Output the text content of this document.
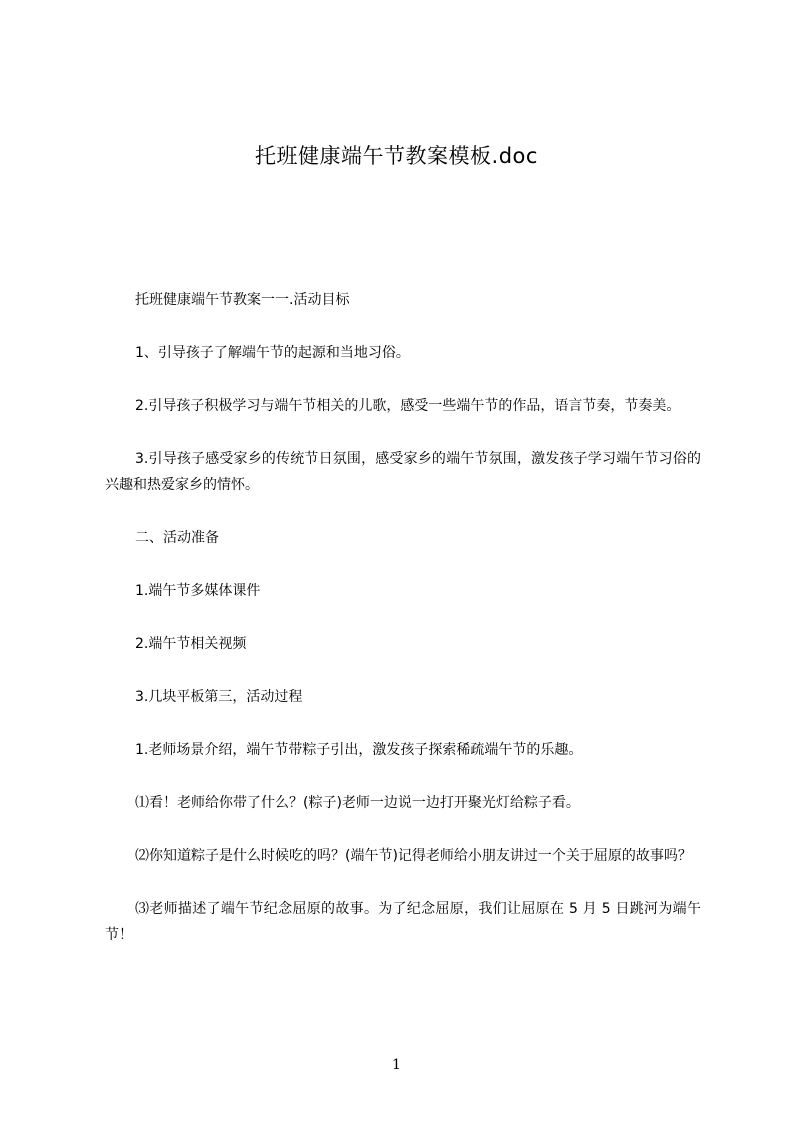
托班健康端午节教案模板.doc

托班健康端午节教案一一.活动目标

1、引导孩子了解端午节的起源和当地习俗。

2.引导孩子积极学习与端午节相关的儿歌，感受一些端午节的作品，语言节奏，节奏美。

3.引导孩子感受家乡的传统节日氛围，感受家乡的端午节氛围，激发孩子学习端午节习俗的兴趣和热爱家乡的情怀。

二、活动准备

1.端午节多媒体课件

2.端午节相关视频

3.几块平板第三，活动过程

1.老师场景介绍，端午节带粽子引出，激发孩子探索稀疏端午节的乐趣。

⑴看！老师给你带了什么？(粽子)老师一边说一边打开聚光灯给粽子看。

⑵你知道粽子是什么时候吃的吗？(端午节)记得老师给小朋友讲过一个关于屈原的故事吗？

⑶老师描述了端午节纪念屈原的故事。为了纪念屈原，我们让屈原在 5 月 5 日跳河为端午节！

1
